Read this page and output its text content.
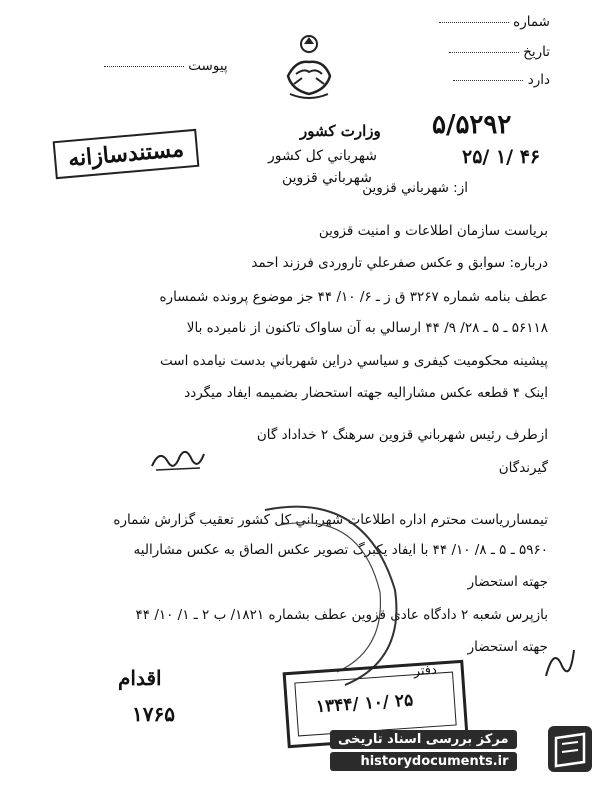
شماره
تاریخ
دارد
پیوست
وزارت کشور
شهرباني کل کشور
شهرباني قزوين
مستندسازانه
۵/۵۲۹۲
۲۵/ ۱/ ۴۶
از: شهرباني قزوين
بریاست سازمان اطلاعات و امنیت قزوين
درباره: سوابق و عکس صفرعلي تاروردی فرزند احمد
عطف بنامه شماره ۳۲۶۷ ق ز ـ ۶/ ۱۰/ ۴۴ جز موضوع پرونده شمساره
۵۶۱۱۸ ـ ۵ ـ ۲۸/ ۹/ ۴۴ ارسالي به آن ساواک تاکنون از نامبرده بالا
پیشینه محکومیت کیفری و سیاسي دراین شهرباني بدست نیامده است
اينک ۴ قطعه عکس مشارالیه جهته استحضار بضمیمه ایفاد میگردد
ازطرف رئیس شهرباني قزوين سرهنگ ۲ خداداد گان
گیرندگان
تیمسارریاست محترم اداره اطلاعات شهرباني کل کشور تعقیب گزارش شماره
۵۹۶۰ ـ ۵ ـ ۸/ ۱۰/ ۴۴ با ایفاد یکبرگ تصویر عکس الصاق به عکس مشارالیه
جهته استحضار
بازپرس شعبه ۲ دادگاه عادی قزوين عطف بشماره ۱۸۲۱/ ب ۲ ـ ۱/ ۱۰/ ۴۴
جهته استحضار
اقدام
۱۷۶۵
دفتر
۱۳۴۴/ ۱۰/ ۲۵
مرکز بررسی اسناد تاریخی
historydocuments.ir
